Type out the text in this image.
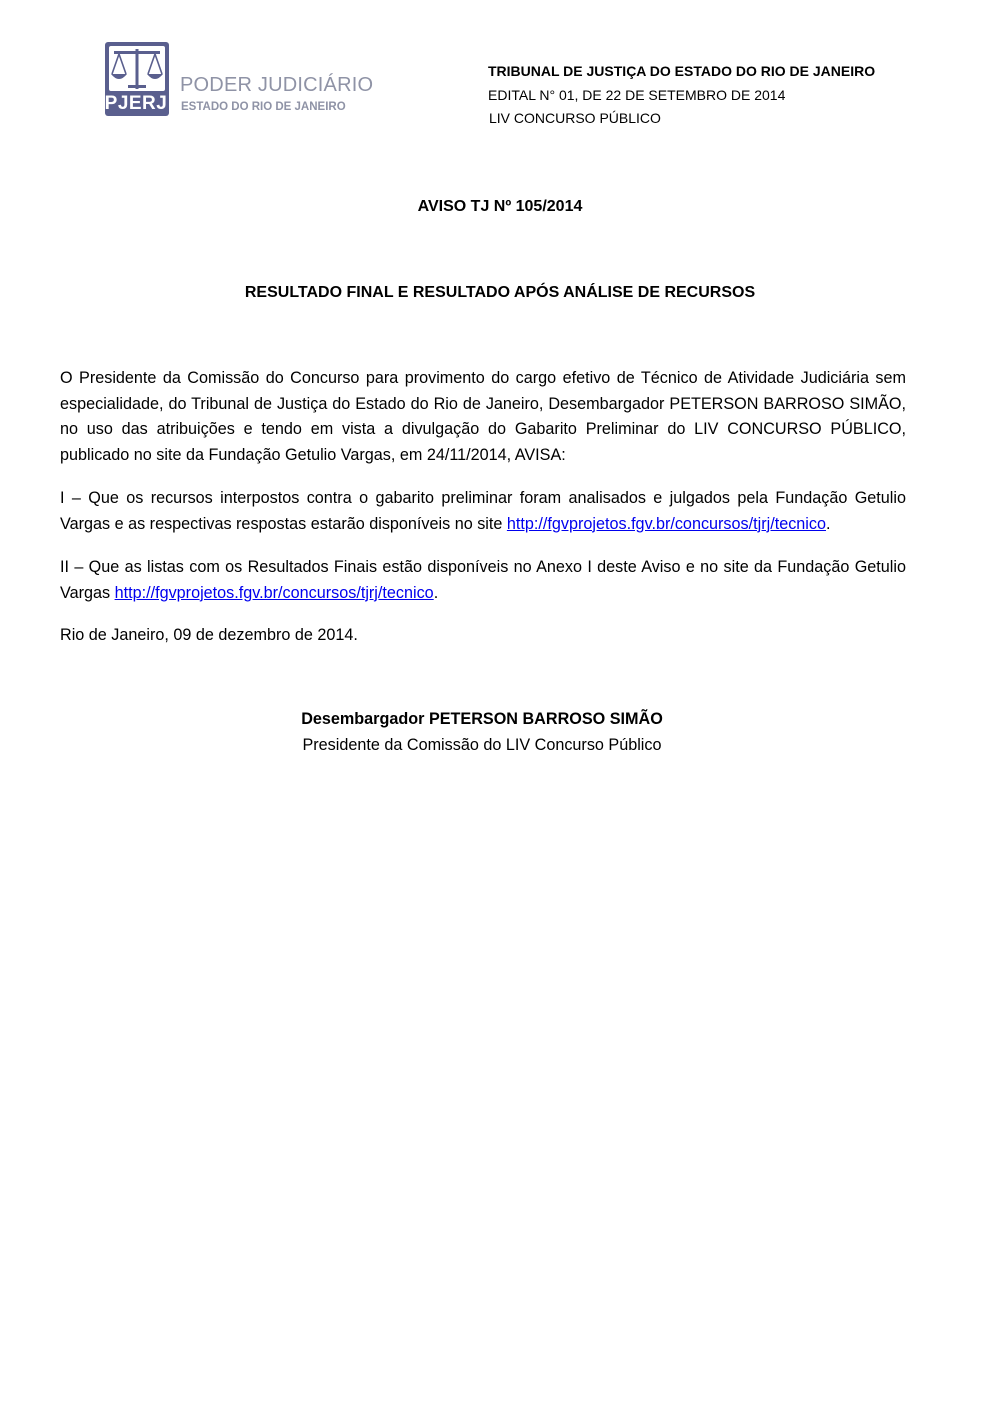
PJERJ
PODER JUDICIÁRIO
ESTADO DO RIO DE JANEIRO
TRIBUNAL DE JUSTIÇA DO ESTADO DO RIO DE JANEIRO
EDITAL N° 01, DE 22 DE SETEMBRO DE 2014
LIV CONCURSO PÚBLICO
AVISO TJ Nº 105/2014
RESULTADO FINAL E RESULTADO APÓS ANÁLISE DE RECURSOS

O Presidente da Comissão do Concurso para provimento do cargo efetivo de Técnico de Atividade Judiciária sem especialidade, do Tribunal de Justiça do Estado do Rio de Janeiro, Desembargador PETERSON BARROSO SIMÃO, no uso das atribuições e tendo em vista a divulgação do Gabarito Preliminar do LIV CONCURSO PÚBLICO, publicado no site da Fundação Getulio Vargas, em 24/11/2014, AVISA:

I – Que os recursos interpostos contra o gabarito preliminar foram analisados e julgados pela Fundação Getulio Vargas e as respectivas respostas estarão disponíveis no site http://fgvprojetos.fgv.br/concursos/tjrj/tecnico.

II – Que as listas com os Resultados Finais estão disponíveis no Anexo I deste Aviso e no site da Fundação Getulio Vargas http://fgvprojetos.fgv.br/concursos/tjrj/tecnico.

Rio de Janeiro, 09 de dezembro de 2014.

Desembargador PETERSON BARROSO SIMÃO
Presidente da Comissão do LIV Concurso Público
